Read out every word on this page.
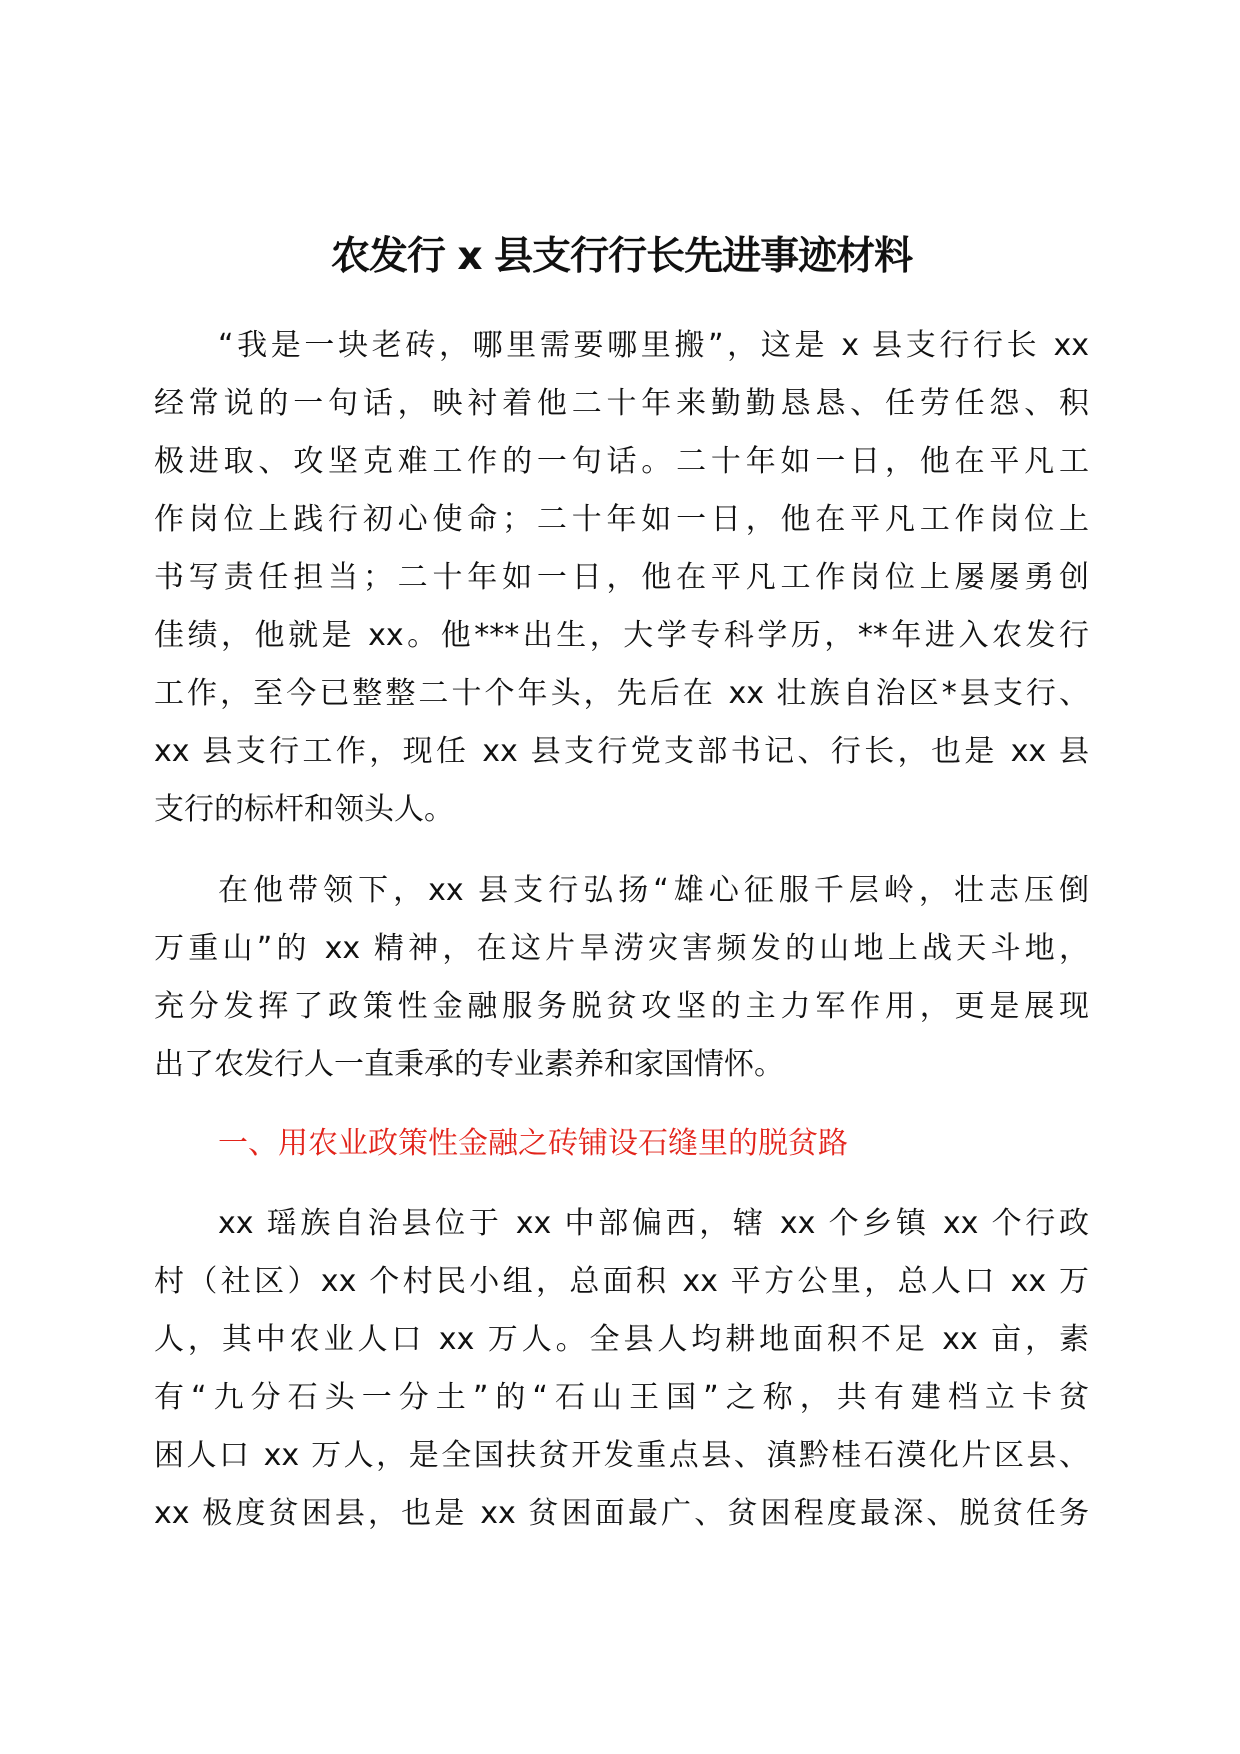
农发行 x 县支行行长先进事迹材料
“我是一块老砖，哪里需要哪里搬”，这是 x 县支行行长 xx
经常说的一句话，映衬着他二十年来勤勤恳恳、任劳任怨、积
极进取、攻坚克难工作的一句话。二十年如一日，他在平凡工
作岗位上践行初心使命；二十年如一日，他在平凡工作岗位上
书写责任担当；二十年如一日，他在平凡工作岗位上屡屡勇创
佳绩，他就是 xx。他***出生，大学专科学历，**年进入农发行
工作，至今已整整二十个年头，先后在 xx 壮族自治区*县支行、
xx 县支行工作，现任 xx 县支行党支部书记、行长，也是 xx 县
支行的标杆和领头人。
在他带领下，xx 县支行弘扬“雄心征服千层岭，壮志压倒
万重山”的 xx 精神，在这片旱涝灾害频发的山地上战天斗地，
充分发挥了政策性金融服务脱贫攻坚的主力军作用，更是展现
出了农发行人一直秉承的专业素养和家国情怀。
一、用农业政策性金融之砖铺设石缝里的脱贫路
xx 瑶族自治县位于 xx 中部偏西，辖 xx 个乡镇 xx 个行政
村（社区）xx 个村民小组，总面积 xx 平方公里，总人口 xx 万
人，其中农业人口 xx 万人。全县人均耕地面积不足 xx 亩，素
有“九分石头一分土”的“石山王国”之称，共有建档立卡贫
困人口 xx 万人，是全国扶贫开发重点县、滇黔桂石漠化片区县、
xx 极度贫困县，也是 xx 贫困面最广、贫困程度最深、脱贫任务
